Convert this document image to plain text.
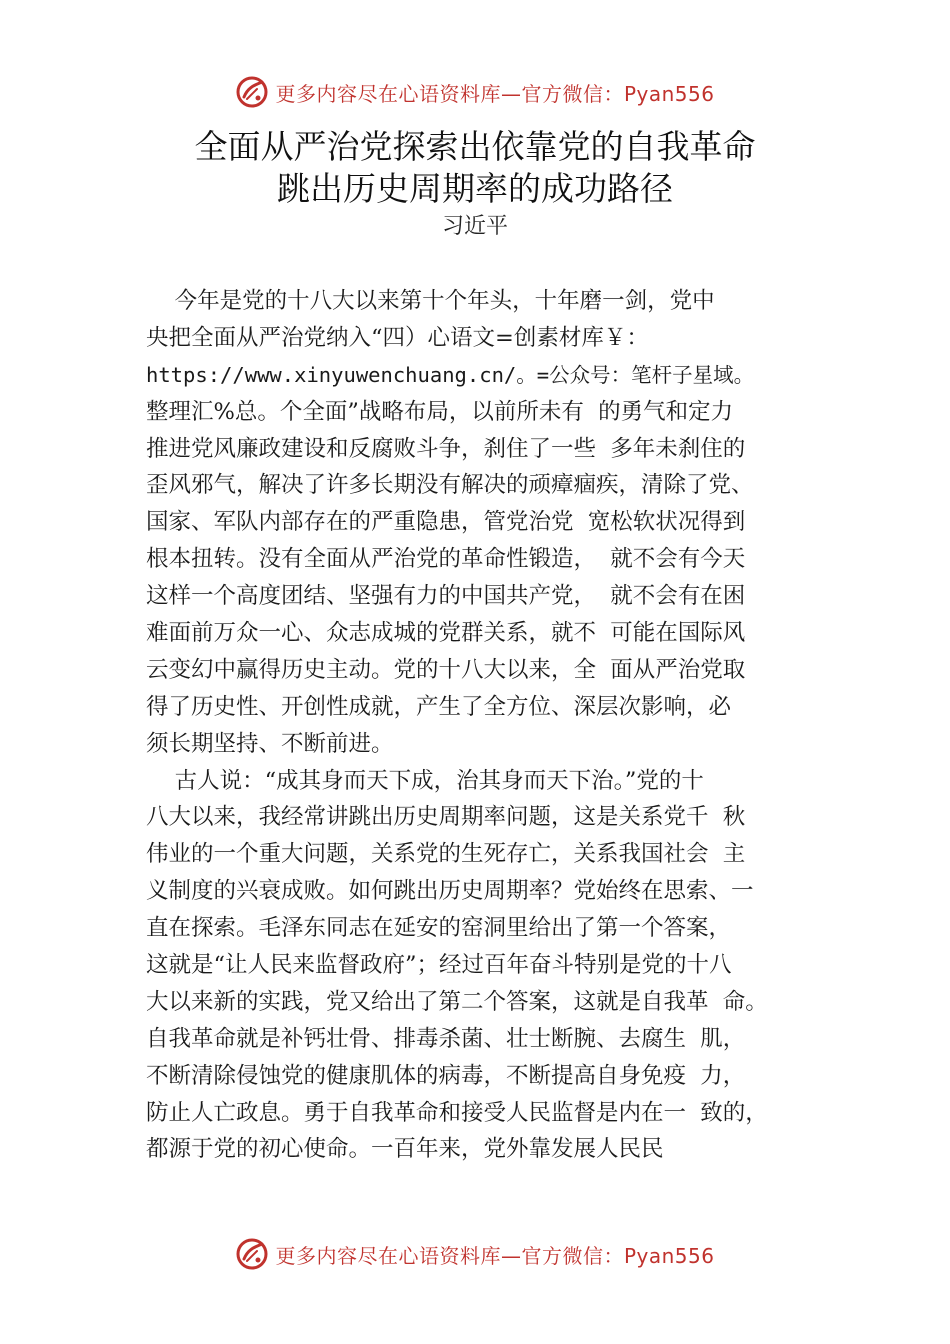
更多内容尽在心语资料库—官方微信：Pyan556
全面从严治党探索出依靠党的自我革命
跳出历史周期率的成功路径
习近平
今年是党的十八大以来第十个年头，十年磨一剑，党中
央把全面从严治党纳入“四）心语文=创素材库￥：
https://www.xinyuwenchuang.cn/。=公众号：笔杆子星域。
整理汇%总。个全面”战略布局，以前所未有  的勇气和定力
推进党风廉政建设和反腐败斗争，刹住了一些  多年未刹住的
歪风邪气，解决了许多长期没有解决的顽瘴痼疾，清除了党、
国家、军队内部存在的严重隐患，管党治党  宽松软状况得到
根本扭转。没有全面从严治党的革命性锻造，  就不会有今天
这样一个高度团结、坚强有力的中国共产党，  就不会有在困
难面前万众一心、众志成城的党群关系，就不  可能在国际风
云变幻中赢得历史主动。党的十八大以来，全  面从严治党取
得了历史性、开创性成就，产生了全方位、深层次影响，必
须长期坚持、不断前进。
古人说：“成其身而天下成，治其身而天下治。”党的十
八大以来，我经常讲跳出历史周期率问题，这是关系党千  秋
伟业的一个重大问题，关系党的生死存亡，关系我国社会  主
义制度的兴衰成败。如何跳出历史周期率？党始终在思索、一
直在探索。毛泽东同志在延安的窑洞里给出了第一个答案，
这就是“让人民来监督政府”；经过百年奋斗特别是党的十八
大以来新的实践，党又给出了第二个答案，这就是自我革  命。
自我革命就是补钙壮骨、排毒杀菌、壮士断腕、去腐生  肌，
不断清除侵蚀党的健康肌体的病毒，不断提高自身免疫  力，
防止人亡政息。勇于自我革命和接受人民监督是内在一  致的，
都源于党的初心使命。一百年来，党外靠发展人民民
更多内容尽在心语资料库—官方微信：Pyan556
